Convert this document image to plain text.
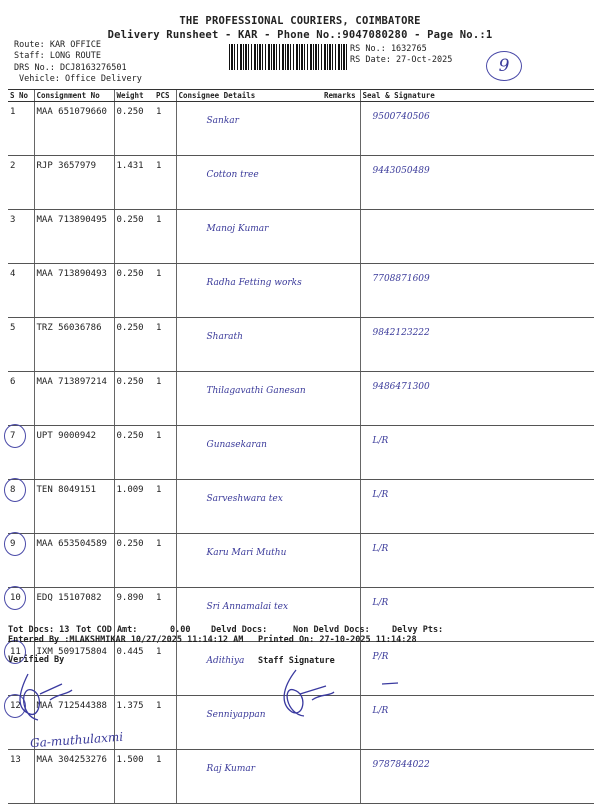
THE PROFESSIONAL COURIERS, COIMBATORE
Delivery Runsheet - KAR - Phone No.:9047080280 - Page No.:1
Route: KAR OFFICE
Staff: LONG ROUTE
DRS No.: DCJ8163276501
Vehicle: Office Delivery
RS No.: 1632765
RS Date: 27-Oct-2025	9
S No	Consignment No	Weight	PCS	Consignee Details	Remarks	Seal & Signature
1	MAA 651079660	0.250	1	Sankar		9500740506
2	RJP 3657979	1.431	1	Cotton tree		9443050489
3	MAA 713890495	0.250	1	Manoj Kumar		
4	MAA 713890493	0.250	1	Radha Fetting works		7708871609
5	TRZ 56036786	0.250	1	Sharath		9842123222
6	MAA 713897214	0.250	1	Thilagavathi Ganesan		9486471300

7	UPT 9000942	0.250	1	Gunasekaran		L/R

8	TEN 8049151	1.009	1	Sarveshwara tex		L/R

9	MAA 653504589	0.250	1	Karu Mari Muthu		L/R

10	EDQ 15107082	9.890	1	Sri Annamalai tex		L/R

11	IXM 509175804	0.445	1	Adithiya		P/R

12	MAA 712544388	1.375	1	Senniyappan		L/R
13	MAA 304253276	1.500	1	Raj Kumar		9787844022
Tot Docs: 13 Tot COD Amt:	0.00 Delvd Docs:	Non Delvd Docs:	Delvy Pts:
Entered By :MLAKSHMIKAR 10/27/2025 11:14:12 AM Printed On: 27-10-2025 11:14:28
Verified By	Staff Signature
Ga-muthulaxmi
